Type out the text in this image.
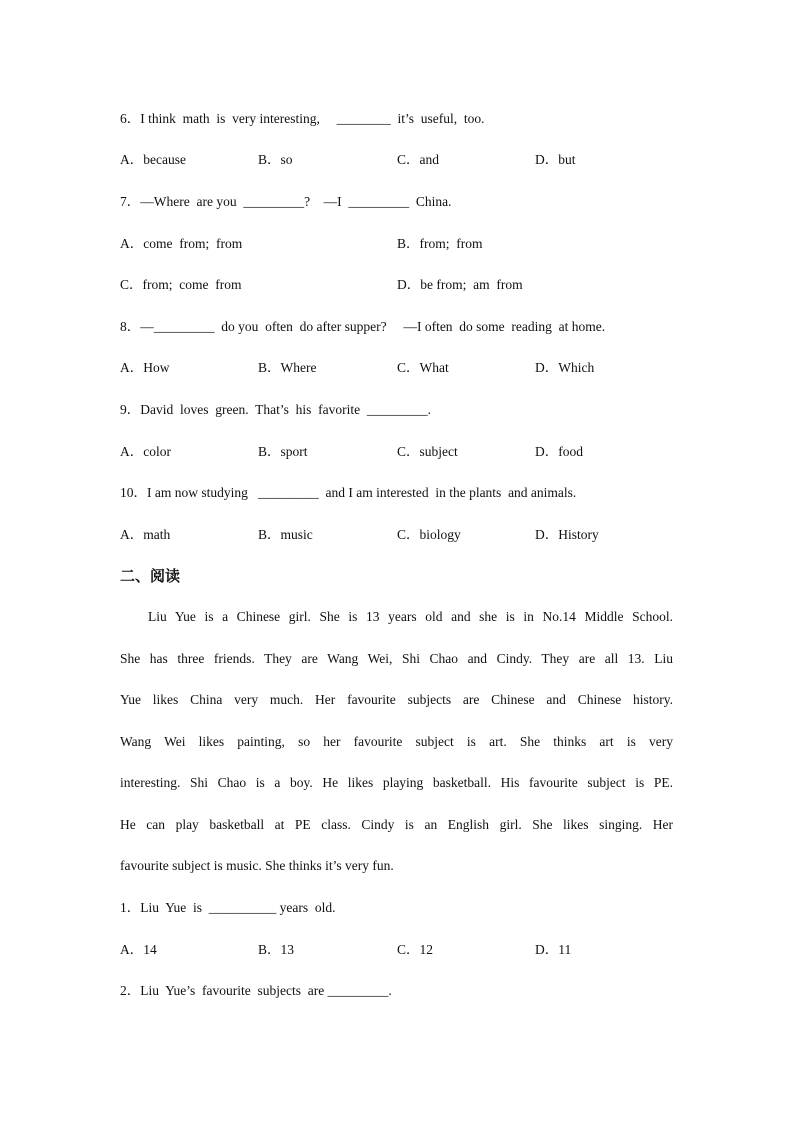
6．I think  math  is  very interesting,     ________  it’s  useful,  too.
A．because	B．so	C．and	D．but
7．—Where  are you  _________?    —I  _________  China.
A．come  from;  from	B．from;  from
C．from;  come  from	D．be from;  am  from
8．—_________  do you  often  do after supper?     —I often  do some  reading  at home.
A．How	B．Where	C．What	D．Which
9．David  loves  green.  That’s  his  favorite  _________.
A．color	B．sport	C．subject	D．food
10．I am now studying   _________  and I am interested  in the plants  and animals.
A．math	B．music	C．biology	D．History
二、阅读
Liu Yue is a Chinese girl. She is 13 years old and she is in No.14 Middle School.
She has three friends. They are Wang Wei, Shi Chao and Cindy. They are all 13. Liu
Yue likes China very much. Her favourite subjects are Chinese and Chinese history.
Wang Wei likes painting, so her favourite subject is art. She thinks art is very
interesting. Shi Chao is a boy. He likes playing basketball. His favourite subject is PE.
He can play basketball at PE class. Cindy is an English girl. She likes singing. Her
favourite subject is music. She thinks it’s very fun.
1．Liu  Yue  is  __________ years  old.
A．14	B．13	C．12	D．11
2．Liu  Yue’s  favourite  subjects  are _________.
